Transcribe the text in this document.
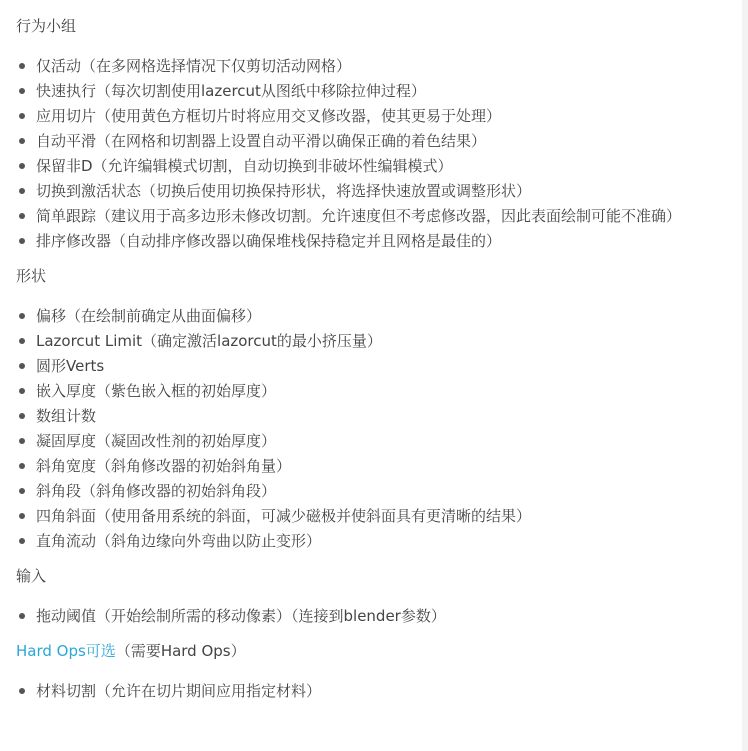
行为小组

仅活动（在多网格选择情况下仅剪切活动网格）
快速执行（每次切割使用lazercut从图纸中移除拉伸过程）
应用切片（使用黄色方框切片时将应用交叉修改器，使其更易于处理）
自动平滑（在网格和切割器上设置自动平滑以确保正确的着色结果）
保留非D（允许编辑模式切割，自动切换到非破坏性编辑模式）
切换到激活状态（切换后使用切换保持形状，将选择快速放置或调整形状）
简单跟踪（建议用于高多边形未修改切割。允许速度但不考虑修改器，因此表面绘制可能不准确）
排序修改器（自动排序修改器以确保堆栈保持稳定并且网格是最佳的）

形状

偏移（在绘制前确定从曲面偏移）
Lazorcut Limit（确定激活lazorcut的最小挤压量）
圆形Verts
嵌入厚度（紫色嵌入框的初始厚度）
数组计数
凝固厚度（凝固改性剂的初始厚度）
斜角宽度（斜角修改器的初始斜角量）
斜角段（斜角修改器的初始斜角段）
四角斜面（使用备用系统的斜面，可减少磁极并使斜面具有更清晰的结果）
直角流动（斜角边缘向外弯曲以防止变形）

输入

拖动阈值（开始绘制所需的移动像素）（连接到blender参数）

Hard Ops可选（需要Hard Ops）

材料切割（允许在切片期间应用指定材料）
